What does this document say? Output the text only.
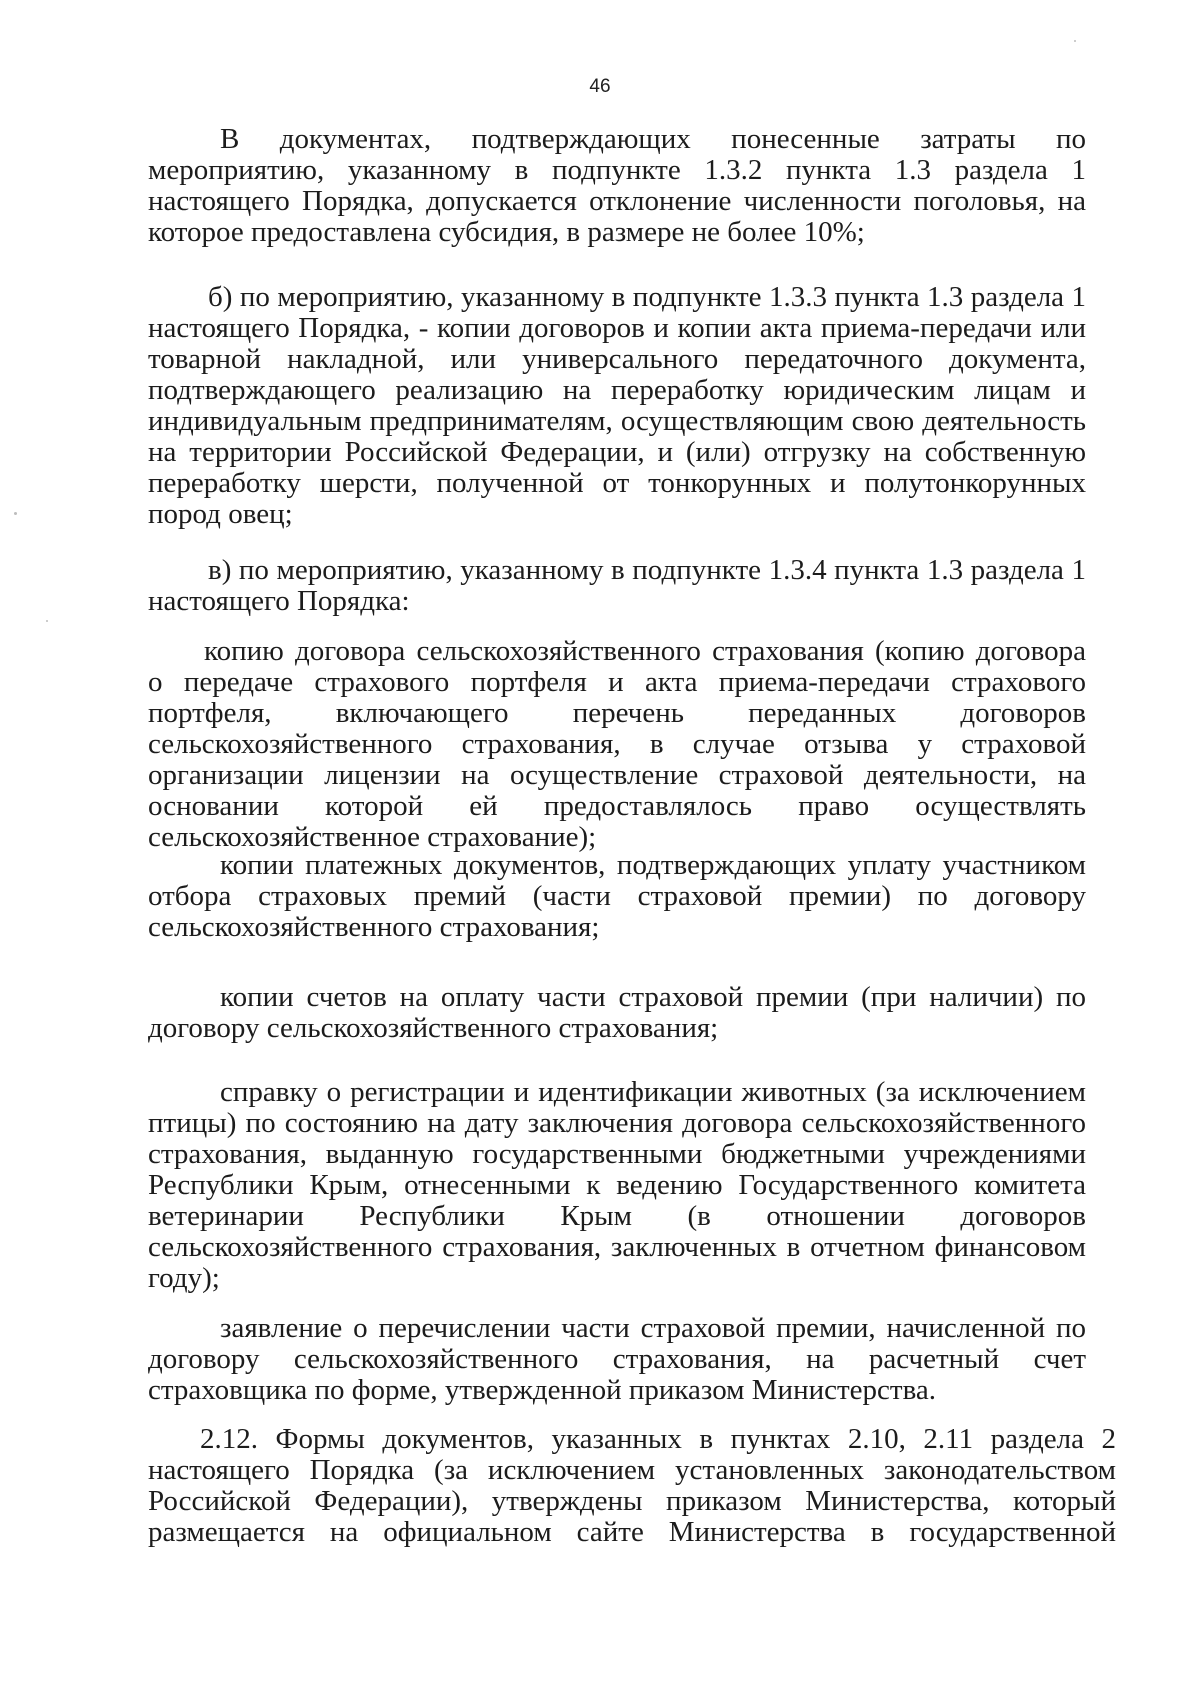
46

В документах, подтверждающих понесенные затраты по мероприятию, указанному в подпункте 1.3.2 пункта 1.3 раздела 1 настоящего Порядка, допускается отклонение численности поголовья, на которое предоставлена субсидия, в размере не более 10%;

б) по мероприятию, указанному в подпункте 1.3.3 пункта 1.3 раздела 1 настоящего Порядка, - копии договоров и копии акта приема-передачи или товарной накладной, или универсального передаточного документа, подтверждающего реализацию на переработку юридическим лицам и индивидуальным предпринимателям, осуществляющим свою деятельность на территории Российской Федерации, и (или) отгрузку на собственную переработку шерсти, полученной от тонкорунных и полутонкорунных пород овец;

в) по мероприятию, указанному в подпункте 1.3.4 пункта 1.3 раздела 1 настоящего Порядка:

копию договора сельскохозяйственного страхования (копию договора о передаче страхового портфеля и акта приема-передачи страхового портфеля, включающего перечень переданных договоров сельскохозяйственного страхования, в случае отзыва у страховой организации лицензии на осуществление страховой деятельности, на основании которой ей предоставлялось право осуществлять сельскохозяйственное страхование);

копии платежных документов, подтверждающих уплату участником отбора страховых премий (части страховой премии) по договору сельскохозяйственного страхования;

копии счетов на оплату части страховой премии (при наличии) по договору сельскохозяйственного страхования;

справку о регистрации и идентификации животных (за исключением птицы) по состоянию на дату заключения договора сельскохозяйственного страхования, выданную государственными бюджетными учреждениями Республики Крым, отнесенными к ведению Государственного комитета ветеринарии Республики Крым (в отношении договоров сельскохозяйственного страхования, заключенных в отчетном финансовом году);

заявление о перечислении части страховой премии, начисленной по договору сельскохозяйственного страхования, на расчетный счет страховщика по форме, утвержденной приказом Министерства.

2.12. Формы документов, указанных в пунктах 2.10, 2.11 раздела 2 настоящего Порядка (за исключением установленных законодательством Российской Федерации), утверждены приказом Министерства, который размещается на официальном сайте Министерства в государственной
